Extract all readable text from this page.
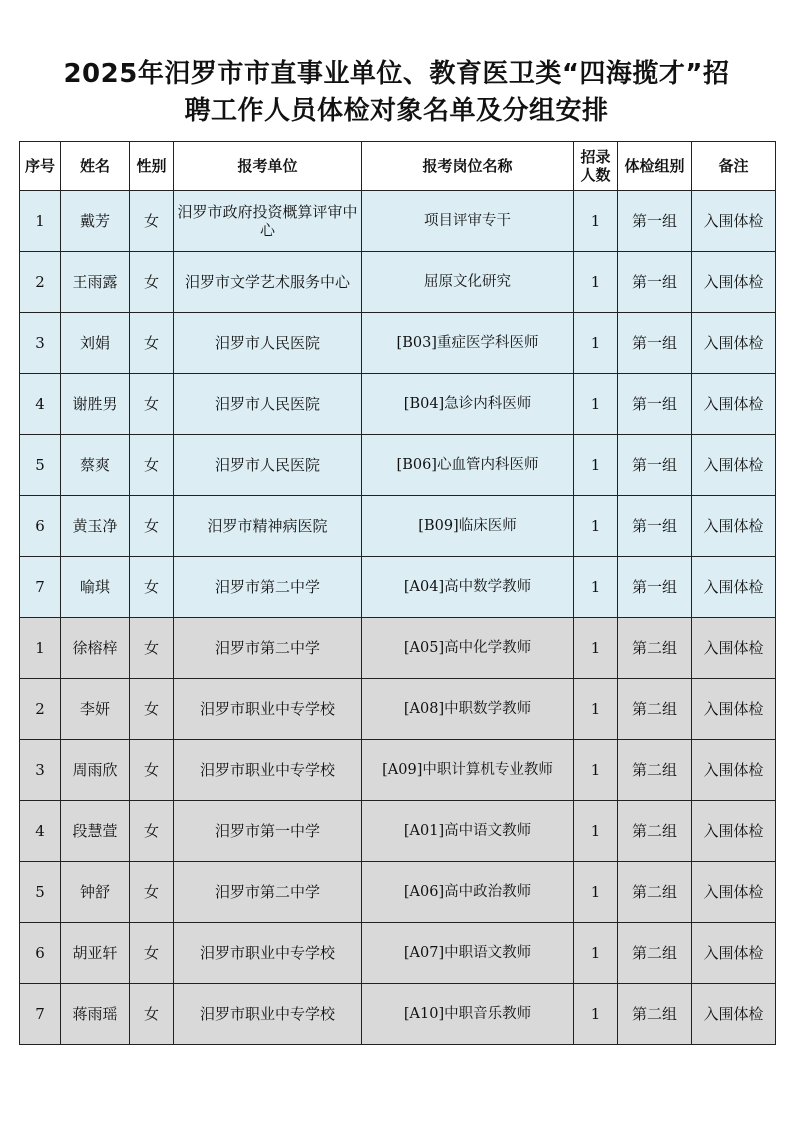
2025年汨罗市市直事业单位、教育医卫类“四海揽才”招
聘工作人员体检对象名单及分组安排
序号	姓名	性别	报考单位	报考岗位名称	招录人数	体检组别	备注
1	戴芳	女	汨罗市政府投资概算评审中心	项目评审专干	1	第一组	入围体检
2	王雨露	女	汨罗市文学艺术服务中心	屈原文化研究	1	第一组	入围体检
3	刘娟	女	汨罗市人民医院	[B03]重症医学科医师	1	第一组	入围体检
4	谢胜男	女	汨罗市人民医院	[B04]急诊内科医师	1	第一组	入围体检
5	蔡爽	女	汨罗市人民医院	[B06]心血管内科医师	1	第一组	入围体检
6	黄玉净	女	汨罗市精神病医院	[B09]临床医师	1	第一组	入围体检
7	喻琪	女	汨罗市第二中学	[A04]高中数学教师	1	第一组	入围体检
1	徐榕梓	女	汨罗市第二中学	[A05]高中化学教师	1	第二组	入围体检
2	李妍	女	汨罗市职业中专学校	[A08]中职数学教师	1	第二组	入围体检
3	周雨欣	女	汨罗市职业中专学校	[A09]中职计算机专业教师	1	第二组	入围体检
4	段慧萱	女	汨罗市第一中学	[A01]高中语文教师	1	第二组	入围体检
5	钟舒	女	汨罗市第二中学	[A06]高中政治教师	1	第二组	入围体检
6	胡亚轩	女	汨罗市职业中专学校	[A07]中职语文教师	1	第二组	入围体检
7	蒋雨瑶	女	汨罗市职业中专学校	[A10]中职音乐教师	1	第二组	入围体检
